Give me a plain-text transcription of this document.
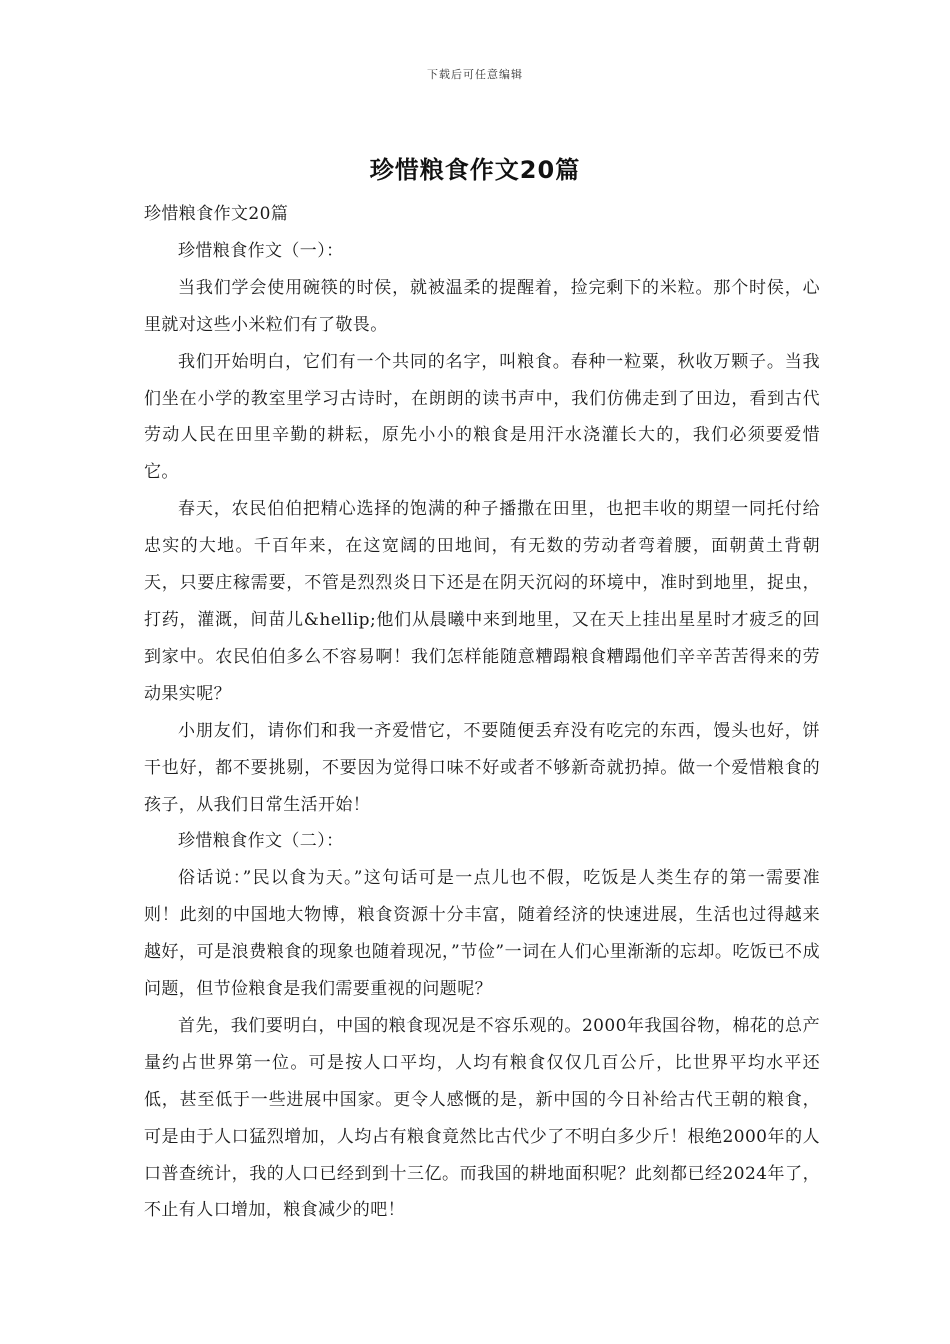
下载后可任意编辑
珍惜粮食作文20篇

珍惜粮食作文20篇

珍惜粮食作文（一）：

当我们学会使用碗筷的时侯，就被温柔的提醒着，捡完剩下的米粒。那个时侯，心里就对这些小米粒们有了敬畏。

我们开始明白，它们有一个共同的名字，叫粮食。春种一粒粟，秋收万颗子。当我们坐在小学的教室里学习古诗时，在朗朗的读书声中，我们仿佛走到了田边，看到古代劳动人民在田里辛勤的耕耘，原先小小的粮食是用汗水浇灌长大的，我们必须要爱惜它。

春天，农民伯伯把精心选择的饱满的种子播撒在田里，也把丰收的期望一同托付给忠实的大地。千百年来，在这宽阔的田地间，有无数的劳动者弯着腰，面朝黄土背朝天，只要庄稼需要，不管是烈烈炎日下还是在阴天沉闷的环境中，准时到地里，捉虫，打药，灌溉，间苗儿&hellip;他们从晨曦中来到地里，又在天上挂出星星时才疲乏的回到家中。农民伯伯多么不容易啊！我们怎样能随意糟蹋粮食糟蹋他们辛辛苦苦得来的劳动果实呢？

小朋友们，请你们和我一齐爱惜它，不要随便丢弃没有吃完的东西，馒头也好，饼干也好，都不要挑剔，不要因为觉得口味不好或者不够新奇就扔掉。做一个爱惜粮食的孩子，从我们日常生活开始！

珍惜粮食作文（二）：

俗话说：”民以食为天。”这句话可是一点儿也不假，吃饭是人类生存的第一需要准则！此刻的中国地大物博，粮食资源十分丰富，随着经济的快速进展，生活也过得越来越好，可是浪费粮食的现象也随着现况，”节俭”一词在人们心里渐渐的忘却。吃饭已不成问题，但节俭粮食是我们需要重视的问题呢？

首先，我们要明白，中国的粮食现况是不容乐观的。2000年我国谷物，棉花的总产量约占世界第一位。可是按人口平均，人均有粮食仅仅几百公斤，比世界平均水平还低，甚至低于一些进展中国家。更令人感慨的是，新中国的今日补给古代王朝的粮食，可是由于人口猛烈增加，人均占有粮食竟然比古代少了不明白多少斤！根绝2000年的人口普查统计，我的人口已经到到十三亿。而我国的耕地面积呢？此刻都已经2024年了，不止有人口增加，粮食减少的吧！
